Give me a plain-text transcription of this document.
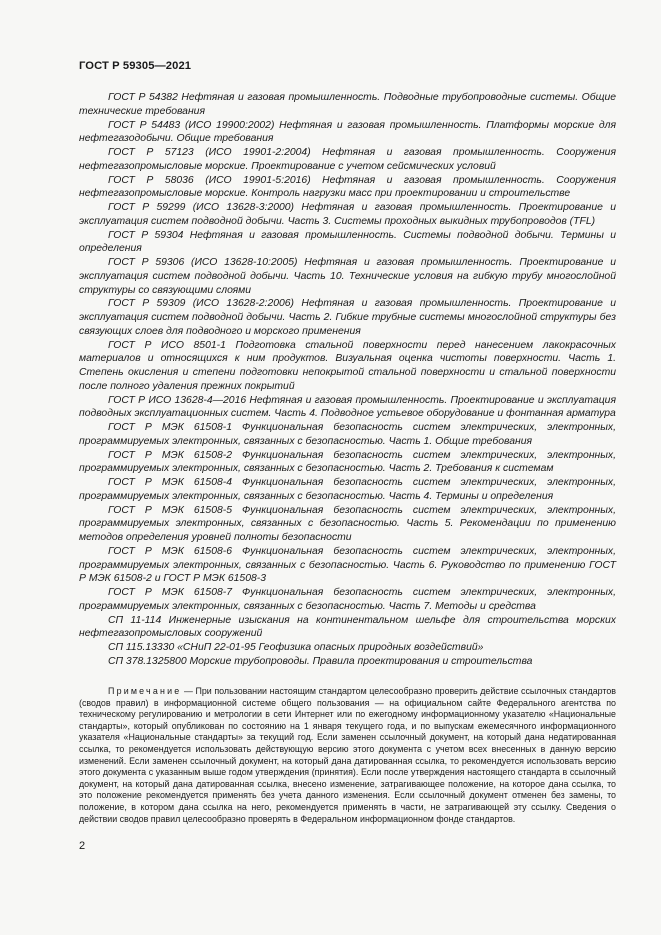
ГОСТ Р 59305—2021

ГОСТ Р 54382 Нефтяная и газовая промышленность. Подводные трубопроводные системы. Общие технические требования

ГОСТ Р 54483 (ИСО 19900:2002) Нефтяная и газовая промышленность. Платформы морские для нефтегазодобычи. Общие требования

ГОСТ Р 57123 (ИСО 19901-2:2004) Нефтяная и газовая промышленность. Сооружения нефтегазопромысловые морские. Проектирование с учетом сейсмических условий

ГОСТ Р 58036 (ИСО 19901-5:2016) Нефтяная и газовая промышленность. Сооружения нефтегазопромысловые морские. Контроль нагрузки масс при проектировании и строительстве

ГОСТ Р 59299 (ИСО 13628-3:2000) Нефтяная и газовая промышленность. Проектирование и эксплуатация систем подводной добычи. Часть 3. Системы проходных выкидных трубопроводов (TFL)

ГОСТ Р 59304 Нефтяная и газовая промышленность. Системы подводной добычи. Термины и определения

ГОСТ Р 59306 (ИСО 13628-10:2005) Нефтяная и газовая промышленность. Проектирование и эксплуатация систем подводной добычи. Часть 10. Технические условия на гибкую трубу многослойной структуры со связующими слоями

ГОСТ Р 59309 (ИСО 13628-2:2006) Нефтяная и газовая промышленность. Проектирование и эксплуатация систем подводной добычи. Часть 2. Гибкие трубные системы многослойной структуры без связующих слоев для подводного и морского применения

ГОСТ Р ИСО 8501-1 Подготовка стальной поверхности перед нанесением лакокрасочных материалов и относящихся к ним продуктов. Визуальная оценка чистоты поверхности. Часть 1. Степень окисления и степени подготовки непокрытой стальной поверхности и стальной поверхности после полного удаления прежних покрытий

ГОСТ Р ИСО 13628-4—2016 Нефтяная и газовая промышленность. Проектирование и эксплуатация подводных эксплуатационных систем. Часть 4. Подводное устьевое оборудование и фонтанная арматура

ГОСТ Р МЭК 61508-1 Функциональная безопасность систем электрических, электронных, программируемых электронных, связанных с безопасностью. Часть 1. Общие требования

ГОСТ Р МЭК 61508-2 Функциональная безопасность систем электрических, электронных, программируемых электронных, связанных с безопасностью. Часть 2. Требования к системам

ГОСТ Р МЭК 61508-4 Функциональная безопасность систем электрических, электронных, программируемых электронных, связанных с безопасностью. Часть 4. Термины и определения

ГОСТ Р МЭК 61508-5 Функциональная безопасность систем электрических, электронных, программируемых электронных, связанных с безопасностью. Часть 5. Рекомендации по применению методов определения уровней полноты безопасности

ГОСТ Р МЭК 61508-6 Функциональная безопасность систем электрических, электронных, программируемых электронных, связанных с безопасностью. Часть 6. Руководство по применению ГОСТ Р МЭК 61508-2 и ГОСТ Р МЭК 61508-3

ГОСТ Р МЭК 61508-7 Функциональная безопасность систем электрических, электронных, программируемых электронных, связанных с безопасностью. Часть 7. Методы и средства

СП 11-114 Инженерные изыскания на континентальном шельфе для строительства морских нефтегазопромысловых сооружений

СП 115.13330 «СНиП 22-01-95 Геофизика опасных природных воздействий»

СП 378.1325800 Морские трубопроводы. Правила проектирования и строительства

Примечание — При пользовании настоящим стандартом целесообразно проверить действие ссылочных стандартов (сводов правил) в информационной системе общего пользования — на официальном сайте Федерального агентства по техническому регулированию и метрологии в сети Интернет или по ежегодному информационному указателю «Национальные стандарты», который опубликован по состоянию на 1 января текущего года, и по выпускам ежемесячного информационного указателя «Национальные стандарты» за текущий год. Если заменен ссылочный документ, на который дана недатированная ссылка, то рекомендуется использовать действующую версию этого документа с учетом всех внесенных в данную версию изменений. Если заменен ссылочный документ, на который дана датированная ссылка, то рекомендуется использовать версию этого документа с указанным выше годом утверждения (принятия). Если после утверждения настоящего стандарта в ссылочный документ, на который дана датированная ссылка, внесено изменение, затрагивающее положение, на которое дана ссылка, то это положение рекомендуется применять без учета данного изменения. Если ссылочный документ отменен без замены, то положение, в котором дана ссылка на него, рекомендуется применять в части, не затрагивающей эту ссылку. Сведения о действии сводов правил целесообразно проверять в Федеральном информационном фонде стандартов.

2
